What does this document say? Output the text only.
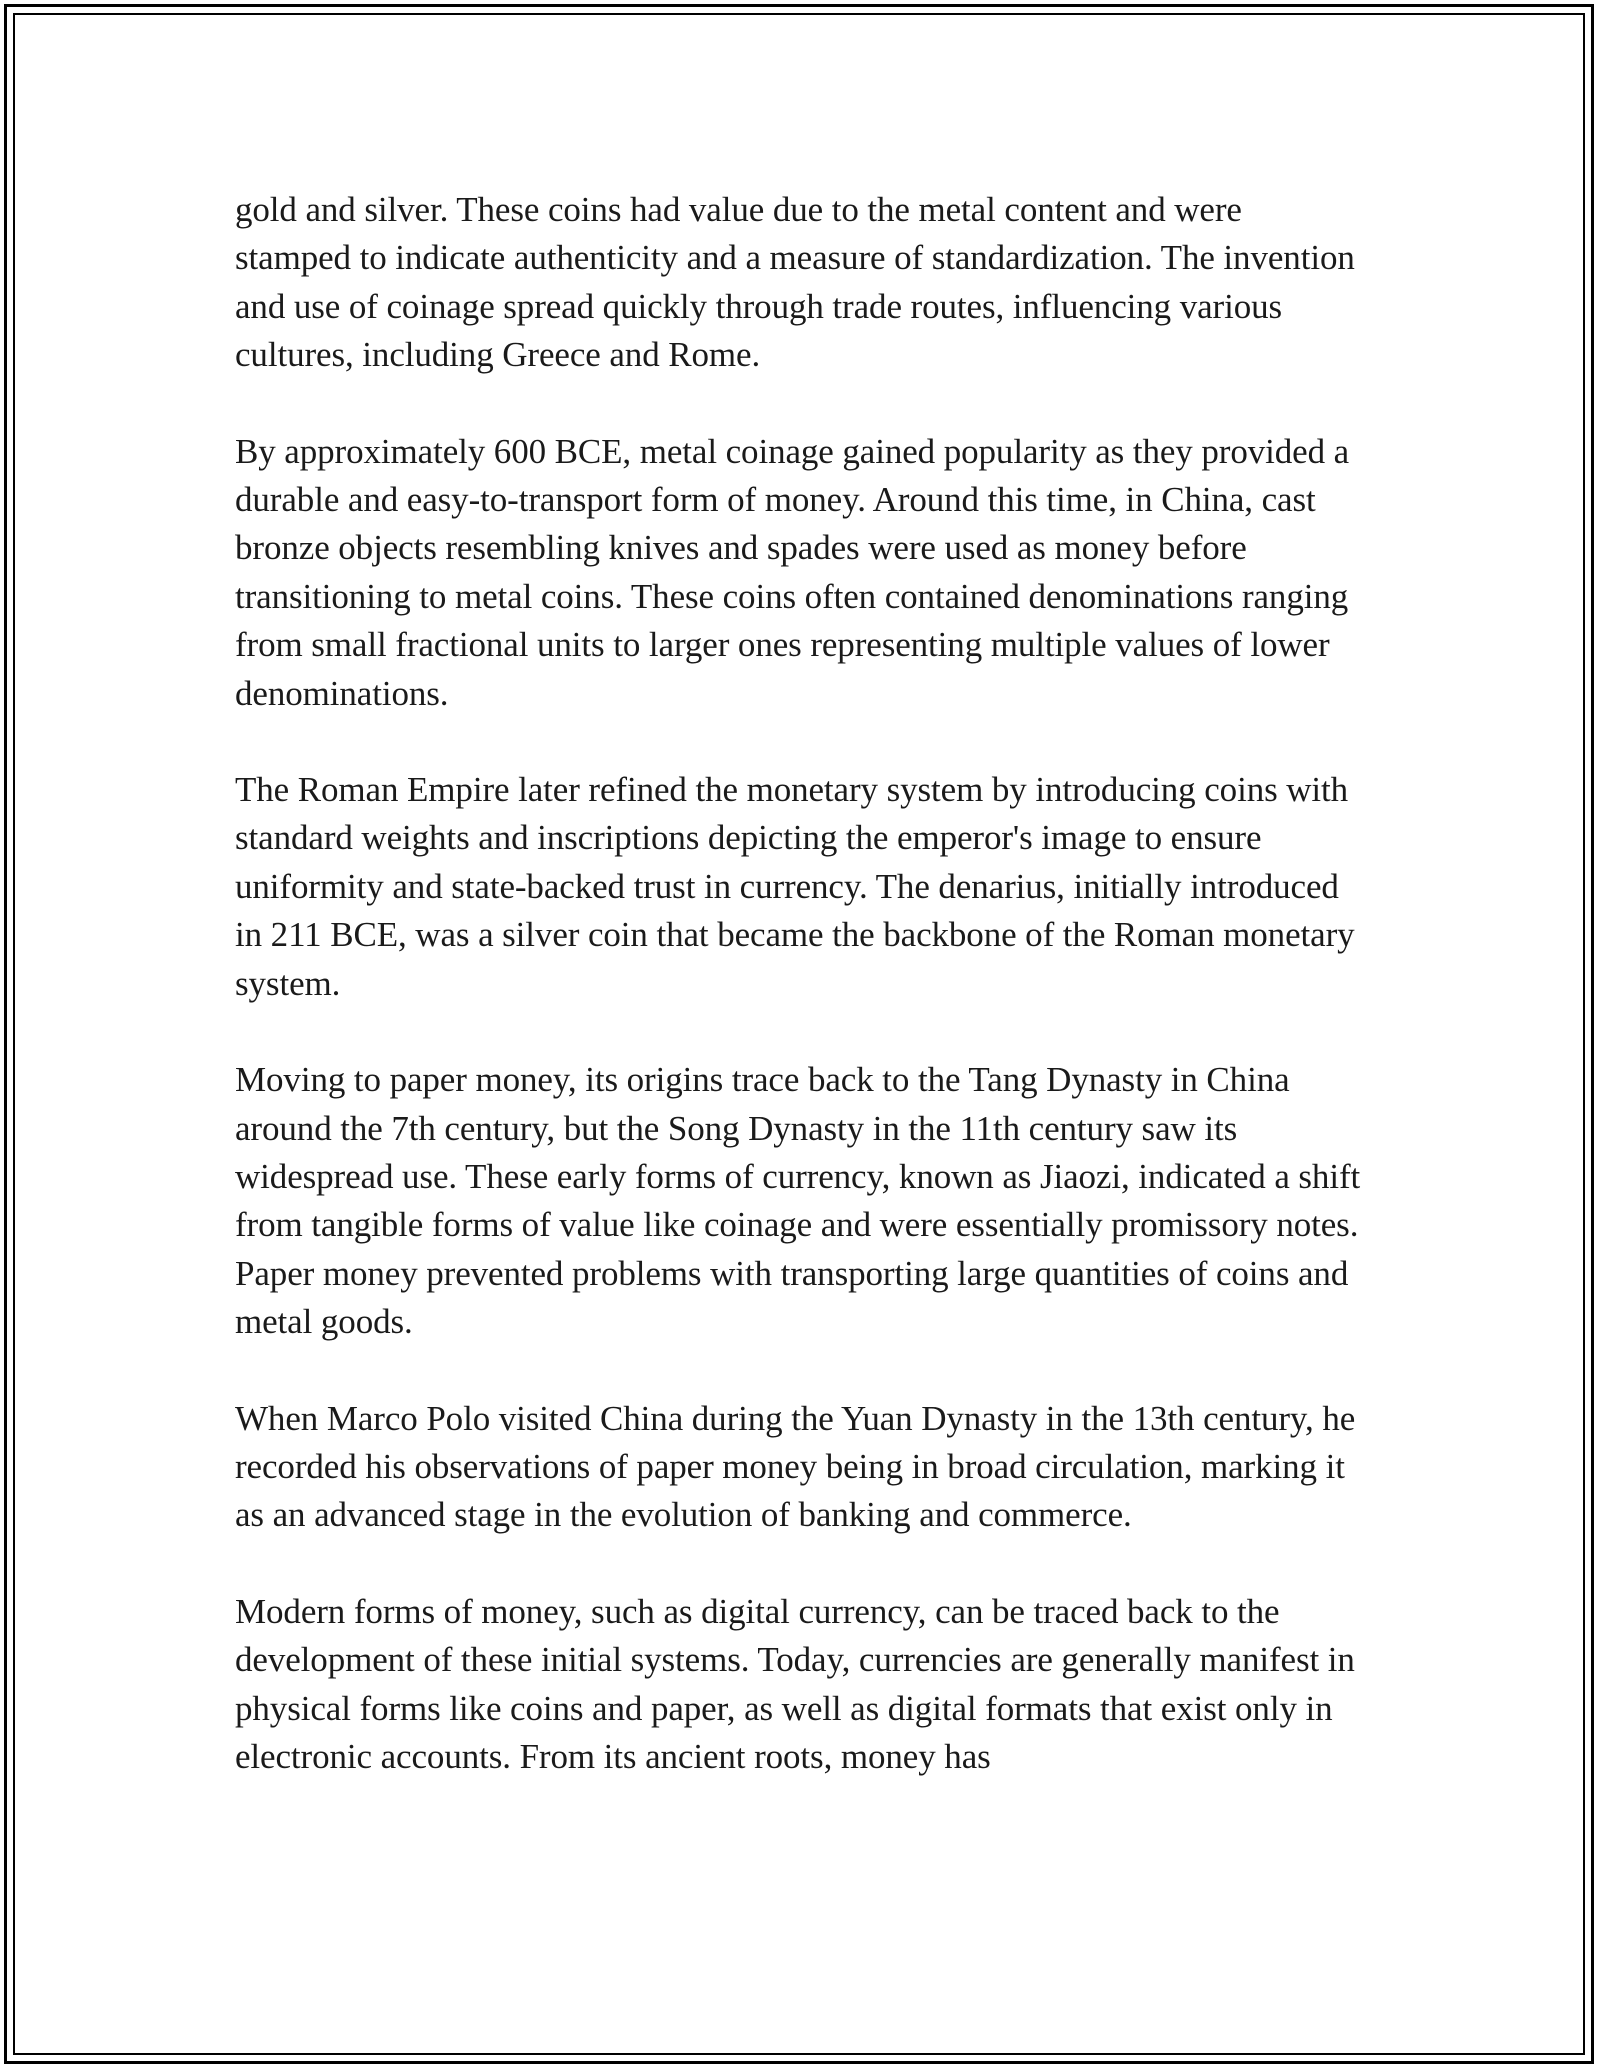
gold and silver. These coins had value due to the metal content and were stamped to indicate authenticity and a measure of standardization. The invention and use of coinage spread quickly through trade routes, influencing various cultures, including Greece and Rome.

By approximately 600 BCE, metal coinage gained popularity as they provided a durable and easy-to-transport form of money. Around this time, in China, cast bronze objects resembling knives and spades were used as money before transitioning to metal coins. These coins often contained denominations ranging from small fractional units to larger ones representing multiple values of lower denominations.

The Roman Empire later refined the monetary system by introducing coins with standard weights and inscriptions depicting the emperor's image to ensure uniformity and state-backed trust in currency. The denarius, initially introduced in 211 BCE, was a silver coin that became the backbone of the Roman monetary system.

Moving to paper money, its origins trace back to the Tang Dynasty in China around the 7th century, but the Song Dynasty in the 11th century saw its widespread use. These early forms of currency, known as Jiaozi, indicated a shift from tangible forms of value like coinage and were essentially promissory notes. Paper money prevented problems with transporting large quantities of coins and metal goods.

When Marco Polo visited China during the Yuan Dynasty in the 13th century, he recorded his observations of paper money being in broad circulation, marking it as an advanced stage in the evolution of banking and commerce.

Modern forms of money, such as digital currency, can be traced back to the development of these initial systems. Today, currencies are generally manifest in physical forms like coins and paper, as well as digital formats that exist only in electronic accounts. From its ancient roots, money has
